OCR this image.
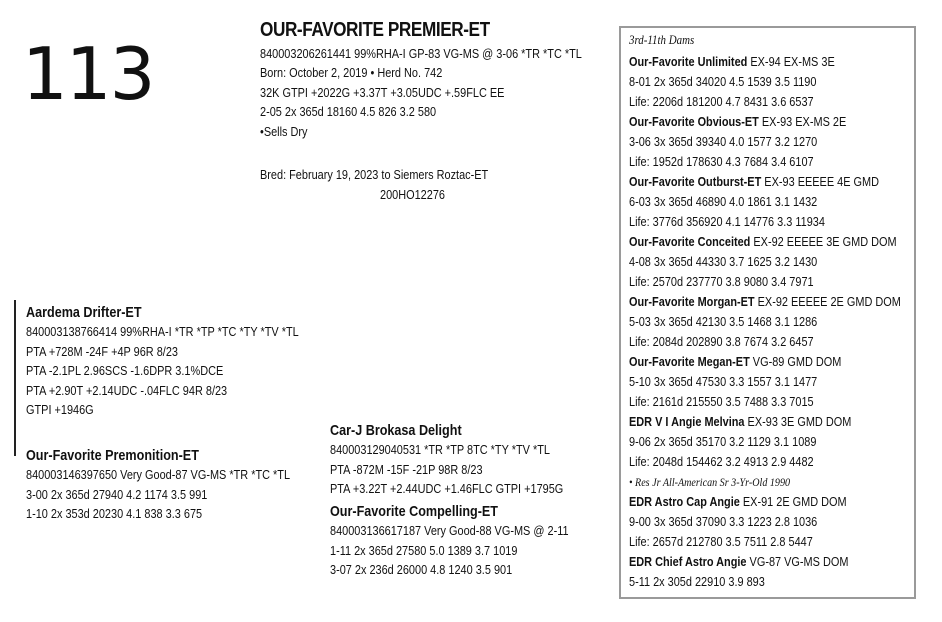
113
OUR-FAVORITE PREMIER-ET
840003206261441 99%RHA-I GP-83 VG-MS @ 3-06 *TR *TC *TL
Born: October 2, 2019 • Herd No. 742
32K GTPI +2022G +3.37T +3.05UDC +.59FLC EE
2-05 2x 365d 18160 4.5 826 3.2 580
•Sells Dry
Bred: February 19, 2023 to Siemers Roztac-ET
200HO12276
Aardema Drifter-ET
840003138766414 99%RHA-I *TR *TP *TC *TY *TV *TL
PTA +728M -24F +4P 96R 8/23
PTA -2.1PL 2.96SCS -1.6DPR 3.1%DCE
PTA +2.90T +2.14UDC -.04FLC 94R 8/23
GTPI +1946G
Our-Favorite Premonition-ET
840003146397650 Very Good-87 VG-MS *TR *TC *TL
3-00 2x 365d 27940 4.2 1174 3.5 991
1-10 2x 353d 20230 4.1 838 3.3 675
Car-J Brokasa Delight
840003129040531 *TR *TP 8TC *TY *TV *TL
PTA -872M -15F -21P 98R 8/23
PTA +3.22T +2.44UDC +1.46FLC GTPI +1795G
Our-Favorite Compelling-ET
840003136617187 Very Good-88 VG-MS @ 2-11
1-11 2x 365d 27580 5.0 1389 3.7 1019
3-07 2x 236d 26000 4.8 1240 3.5 901
3rd-11th Dams
Our-Favorite Unlimited EX-94 EX-MS 3E
8-01 2x 365d 34020 4.5 1539 3.5 1190
Life: 2206d 181200 4.7 8431 3.6 6537
Our-Favorite Obvious-ET EX-93 EX-MS 2E
3-06 3x 365d 39340 4.0 1577 3.2 1270
Life: 1952d 178630 4.3 7684 3.4 6107
Our-Favorite Outburst-ET EX-93 EEEEE 4E GMD
6-03 3x 365d 46890 4.0 1861 3.1 1432
Life: 3776d 356920 4.1 14776 3.3 11934
Our-Favorite Conceited EX-92 EEEEE 3E GMD DOM
4-08 3x 365d 44330 3.7 1625 3.2 1430
Life: 2570d 237770 3.8 9080 3.4 7971
Our-Favorite Morgan-ET EX-92 EEEEE 2E GMD DOM
5-03 3x 365d 42130 3.5 1468 3.1 1286
Life: 2084d 202890 3.8 7674 3.2 6457
Our-Favorite Megan-ET VG-89 GMD DOM
5-10 3x 365d 47530 3.3 1557 3.1 1477
Life: 2161d 215550 3.5 7488 3.3 7015
EDR V I Angie Melvina EX-93 3E GMD DOM
9-06 2x 365d 35170 3.2 1129 3.1 1089
Life: 2048d 154462 3.2 4913 2.9 4482
• Res Jr All-American Sr 3-Yr-Old 1990
EDR Astro Cap Angie EX-91 2E GMD DOM
9-00 3x 365d 37090 3.3 1223 2.8 1036
Life: 2657d 212780 3.5 7511 2.8 5447
EDR Chief Astro Angie VG-87 VG-MS DOM
5-11 2x 305d 22910 3.9 893
